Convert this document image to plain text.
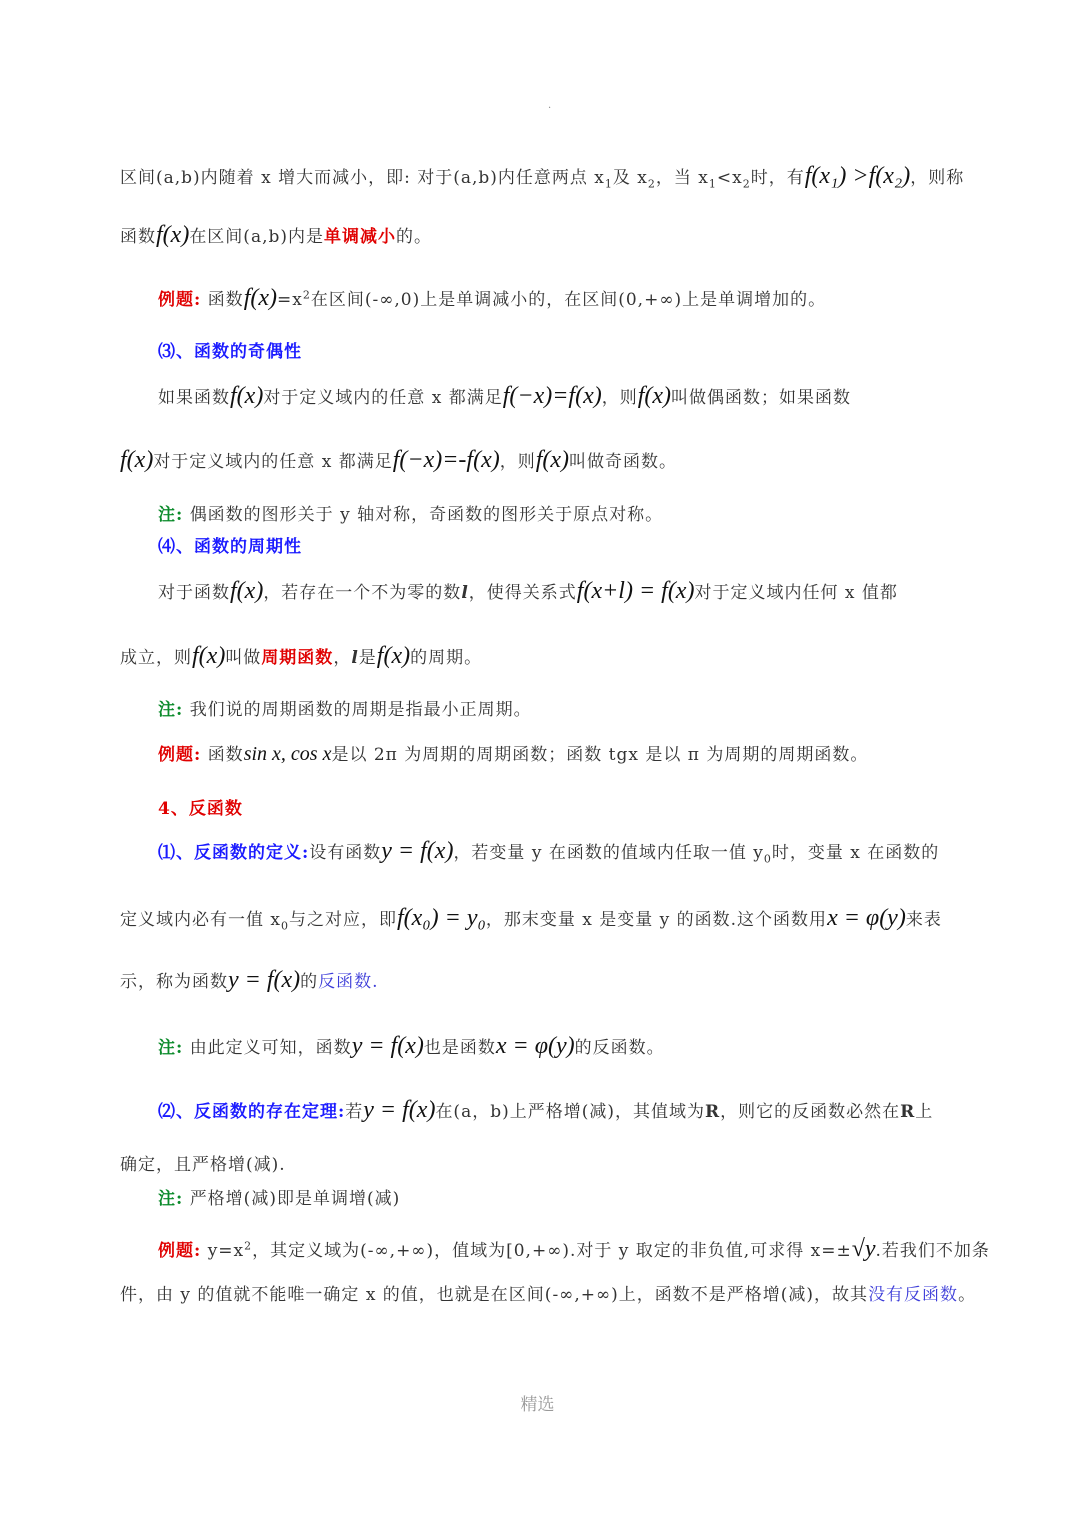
.
区间(a,b)内随着 x 增大而减小，即: 对于(a,b)内任意两点 $x_1$及 $x_2$，当 $x_1<x_2$时，有f(x₁) >f(x₂)，则称
函数f(x)在区间(a,b)内是单调减小的。
例题: 函数$f(x)=x^2$在区间(-∞,0)上是单调减小的，在区间(0,+∞)上是单调增加的。
⑶、函数的奇偶性
如果函数f(x)对于定义域内的任意 x 都满足f(−x)=f(x)，则f(x)叫做偶函数；如果函数
f(x)对于定义域内的任意 x 都满足f(−x)=-f(x)，则f(x)叫做奇函数。
注: 偶函数的图形关于 y 轴对称，奇函数的图形关于原点对称。
⑷、函数的周期性
对于函数f(x)，若存在一个不为零的数l，使得关系式f(x+l) = f(x)对于定义域内任何 x 值都
成立，则f(x)叫做周期函数，l是f(x)的周期。
注: 我们说的周期函数的周期是指最小正周期。
例题: 函数sin x, cos x是以 2π 为周期的周期函数；函数 tgx 是以 π 为周期的周期函数。
4、反函数
⑴、反函数的定义:设有函数y = f(x)，若变量 y 在函数的值域内任取一值 $y_0$时，变量 x 在函数的
定义域内必有一值 $x_0$与之对应，即f(x₀) = y₀，那末变量 x 是变量 y 的函数.这个函数用x = φ(y)来表
示，称为函数y = f(x)的反函数.
注: 由此定义可知，函数y = f(x)也是函数x = φ(y)的反函数。
⑵、反函数的存在定理:若y = f(x)在(a，b)上严格增(减)，其值域为R，则它的反函数必然在R上
确定，且严格增(减).
注: 严格增(减)即是单调增(减)
例题: $y=x^2$，其定义域为(-∞,+∞)，值域为[0,+∞).对于 y 取定的非负值,可求得 x=±√y.若我们不加条
件，由 y 的值就不能唯一确定 x 的值，也就是在区间(-∞,+∞)上，函数不是严格增(减)，故其没有反函数。
精选
